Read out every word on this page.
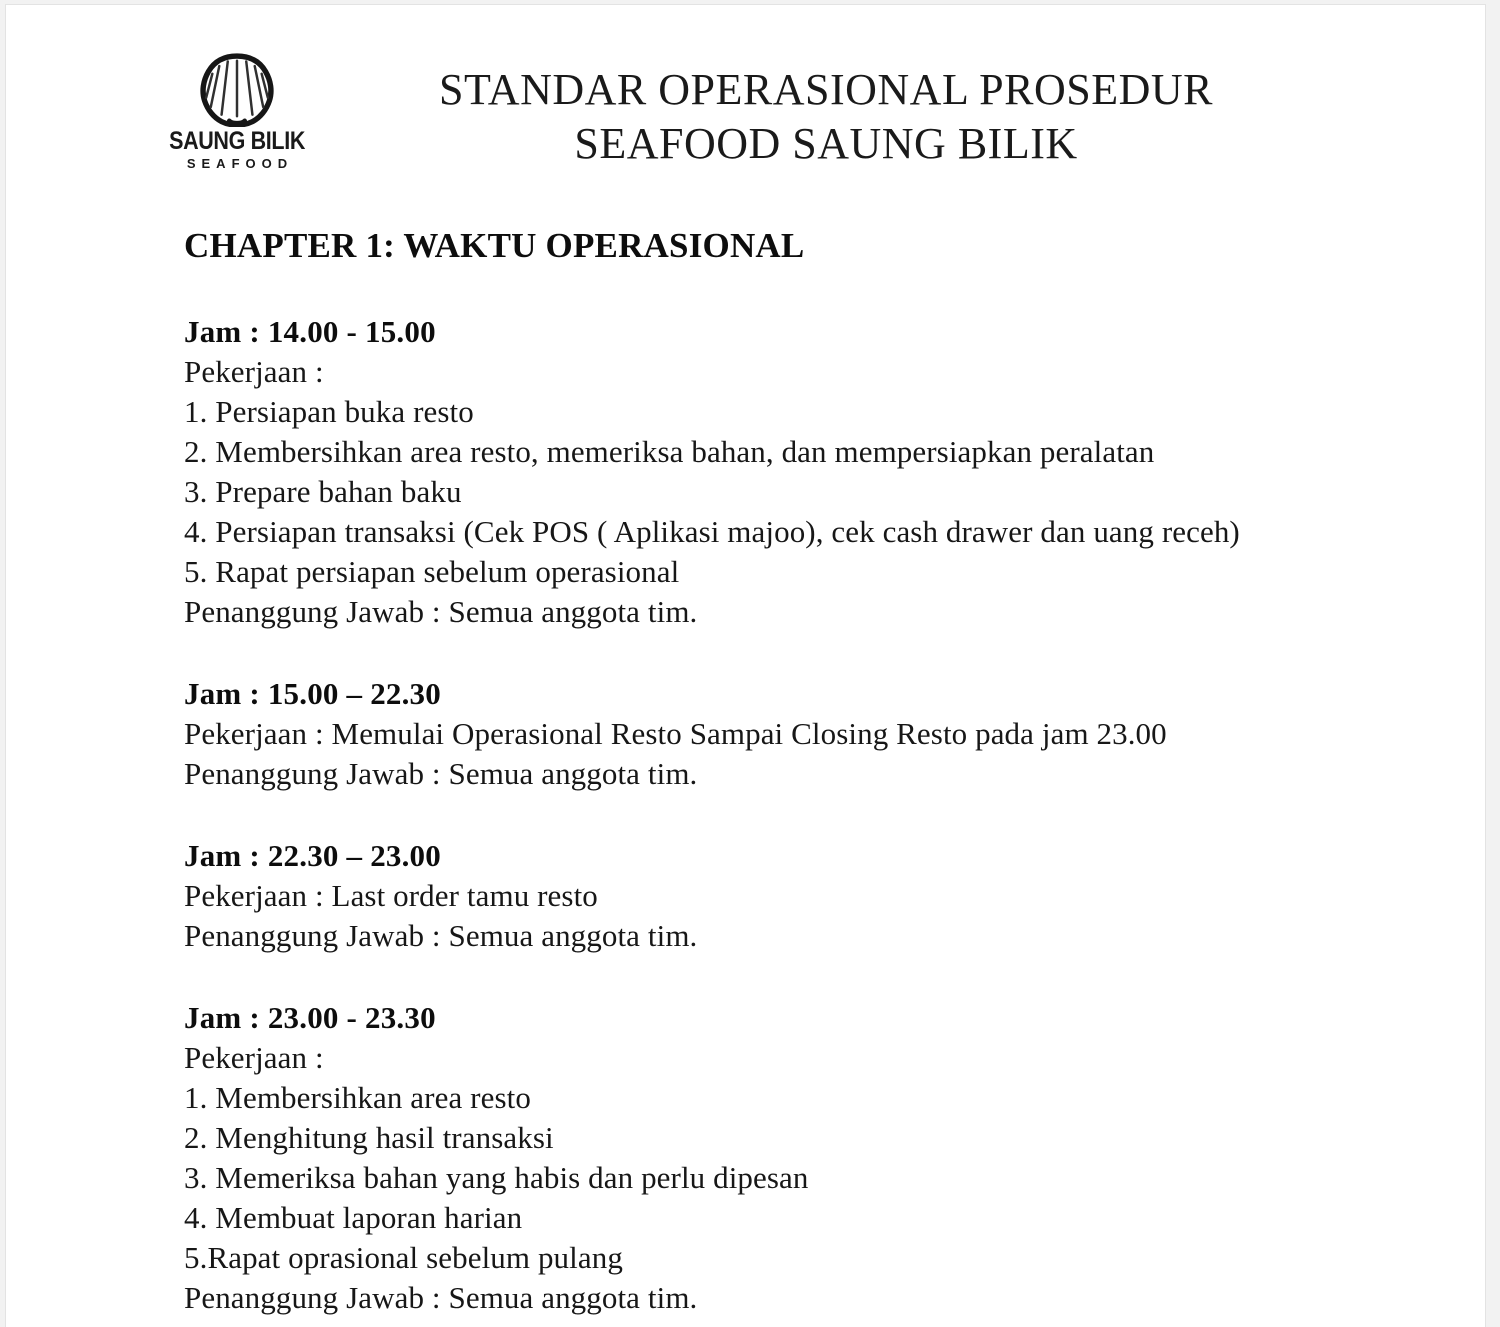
SAUNG BILIK
SEAFOOD
STANDAR OPERASIONAL PROSEDUR
SEAFOOD SAUNG BILIK
CHAPTER 1: WAKTU OPERASIONAL
Jam : 14.00 - 15.00
Pekerjaan :
1. Persiapan buka resto
2. Membersihkan area resto, memeriksa bahan, dan mempersiapkan peralatan
3. Prepare bahan baku
4. Persiapan transaksi (Cek POS ( Aplikasi majoo), cek cash drawer dan uang receh)
5. Rapat persiapan sebelum operasional
Penanggung Jawab : Semua anggota tim.
Jam : 15.00 – 22.30
Pekerjaan : Memulai Operasional Resto Sampai Closing Resto pada jam 23.00
Penanggung Jawab : Semua anggota tim.
Jam : 22.30 – 23.00
Pekerjaan : Last order tamu resto
Penanggung Jawab : Semua anggota tim.
Jam : 23.00 - 23.30
Pekerjaan :
1. Membersihkan area resto
2. Menghitung hasil transaksi
3. Memeriksa bahan yang habis dan perlu dipesan
4. Membuat laporan harian
5.Rapat oprasional sebelum pulang
Penanggung Jawab : Semua anggota tim.
